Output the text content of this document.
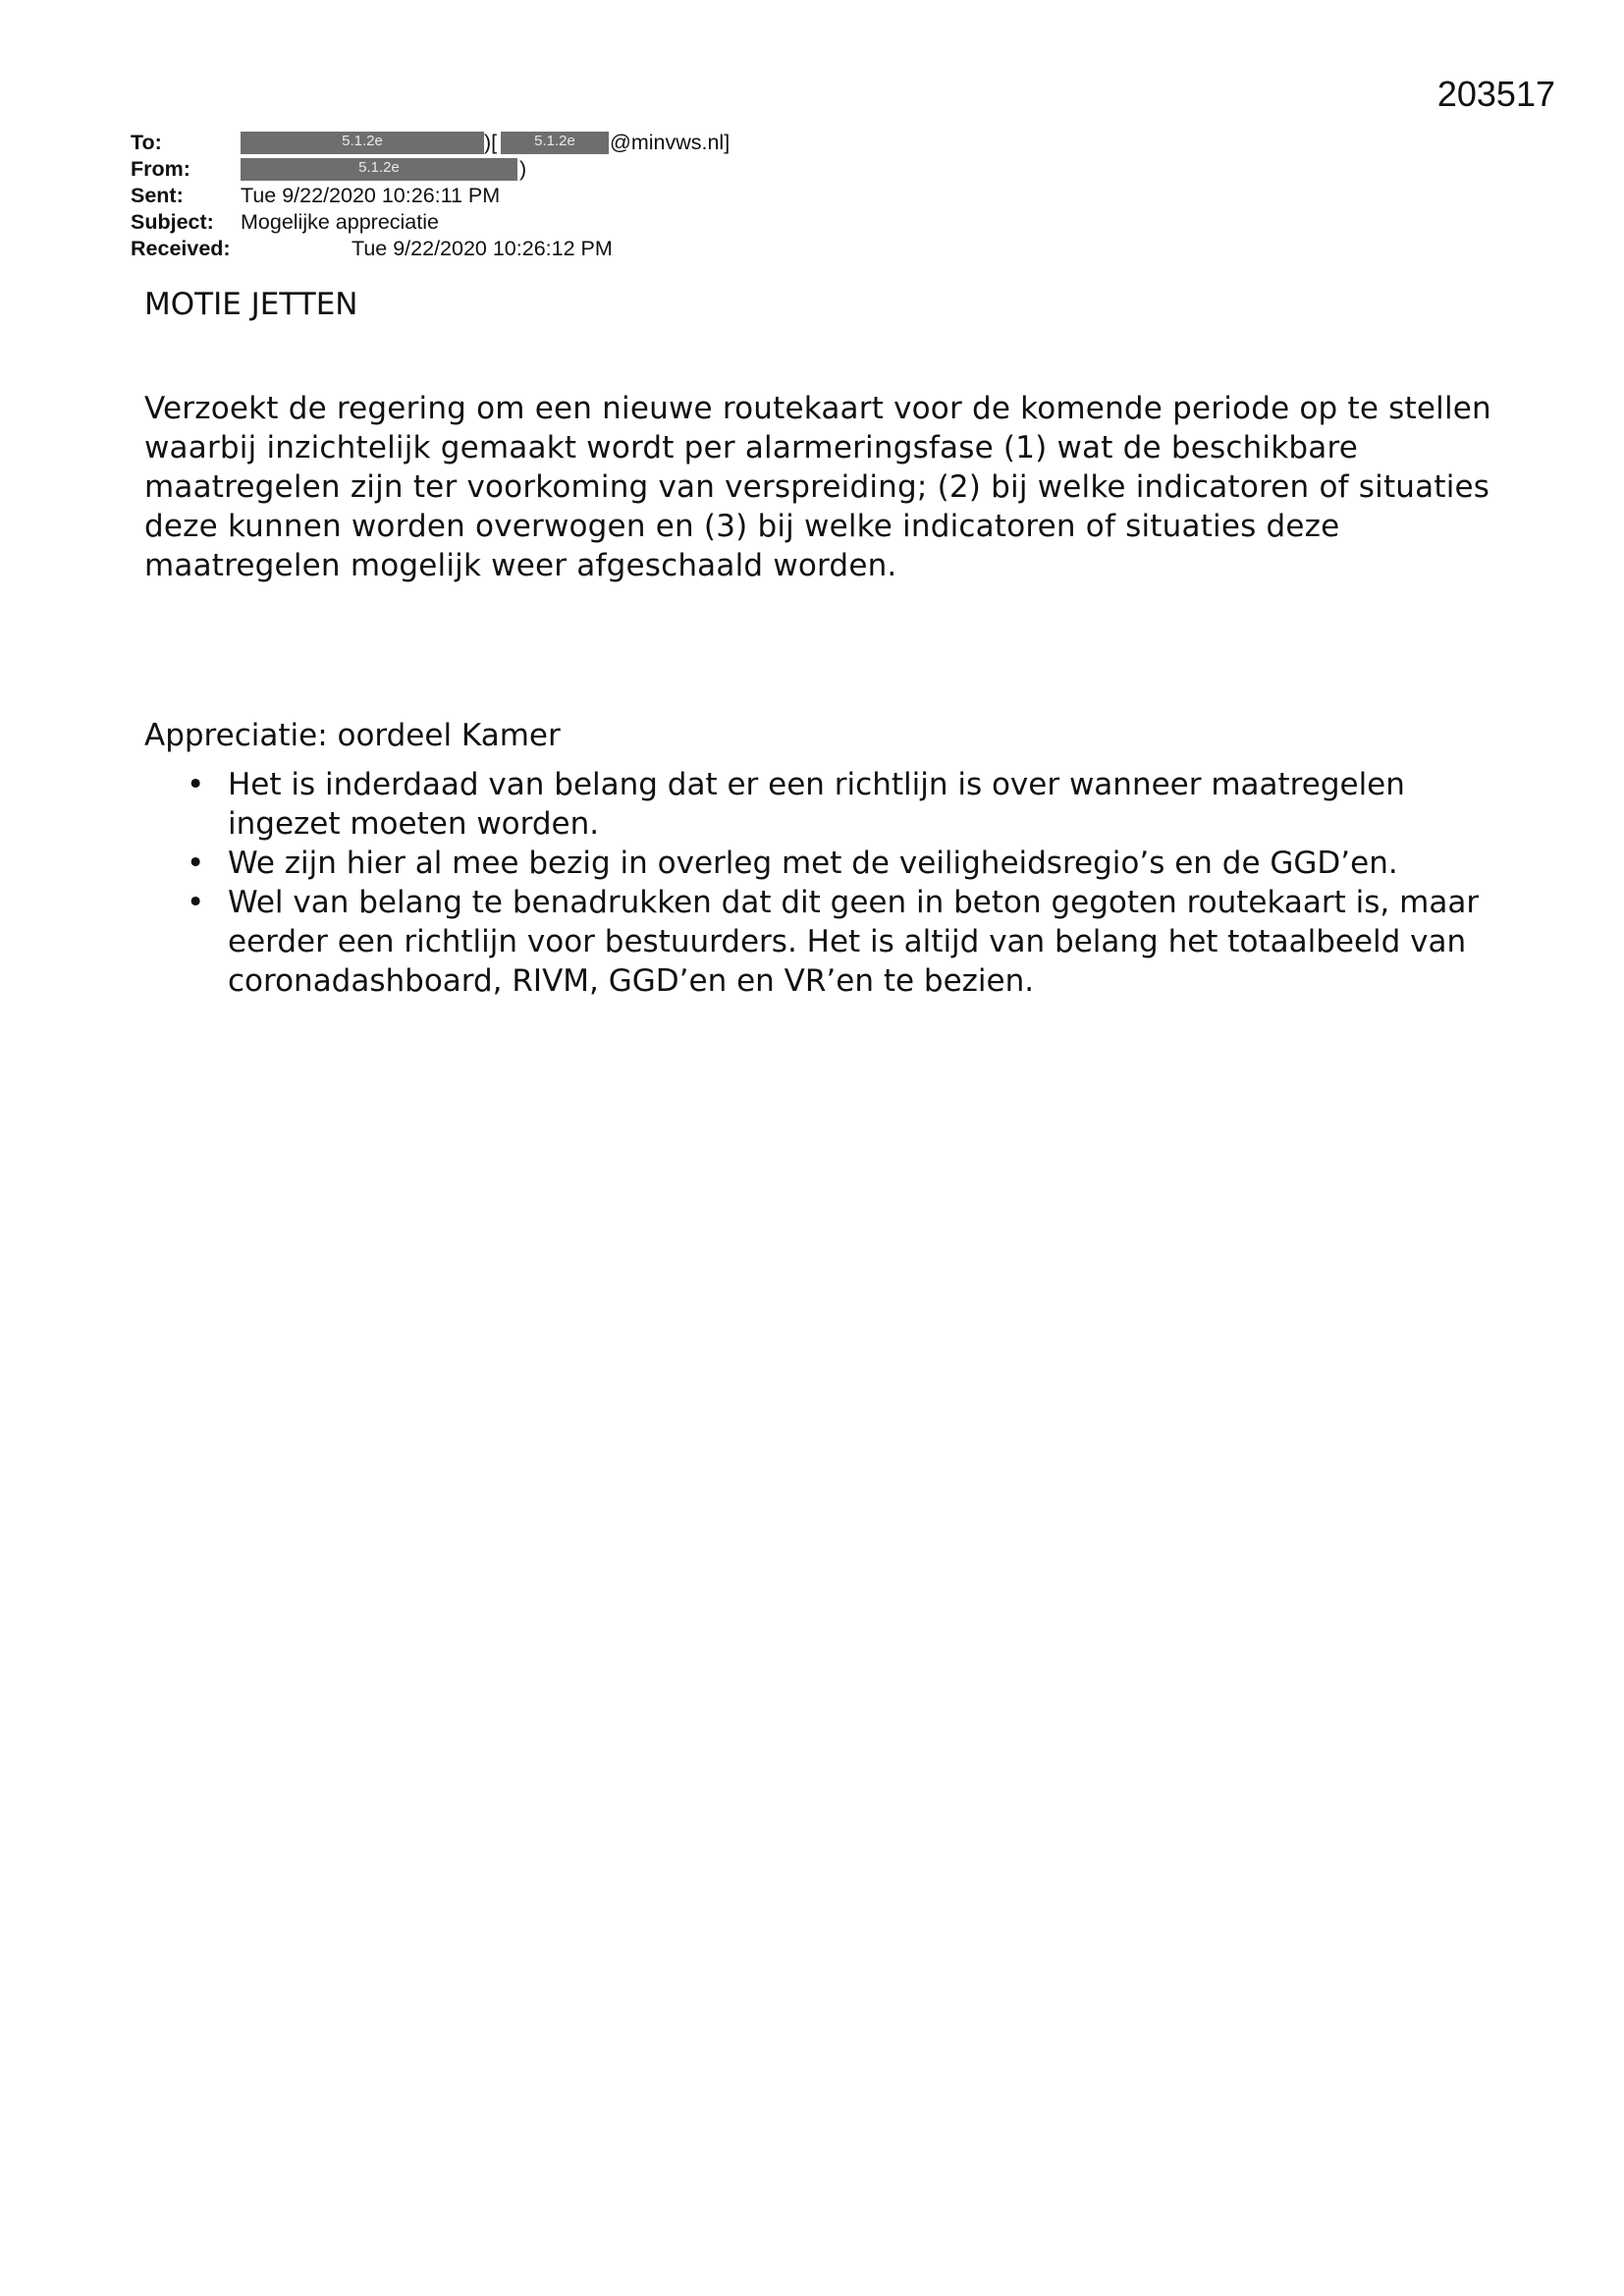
203517
To:	5.1.2e	)[	5.1.2e	@minvws.nl]
From:	5.1.2e	)
Sent:	Tue 9/22/2020 10:26:11 PM
Subject: Mogelijke appreciatie
Received:	Tue 9/22/2020 10:26:12 PM

MOTIE JETTEN

Verzoekt de regering om een nieuwe routekaart voor de komende periode op te stellen waarbij inzichtelijk gemaakt wordt per alarmeringsfase (1) wat de beschikbare maatregelen zijn ter voorkoming van verspreiding; (2) bij welke indicatoren of situaties deze kunnen worden overwogen en (3) bij welke indicatoren of situaties deze maatregelen mogelijk weer afgeschaald worden.

Appreciatie: oordeel Kamer

• Het is inderdaad van belang dat er een richtlijn is over wanneer maatregelen ingezet moeten worden.
• We zijn hier al mee bezig in overleg met de veiligheidsregio’s en de GGD’en.
• Wel van belang te benadrukken dat dit geen in beton gegoten routekaart is, maar eerder een richtlijn voor bestuurders. Het is altijd van belang het totaalbeeld van coronadashboard, RIVM, GGD’en en VR’en te bezien.
